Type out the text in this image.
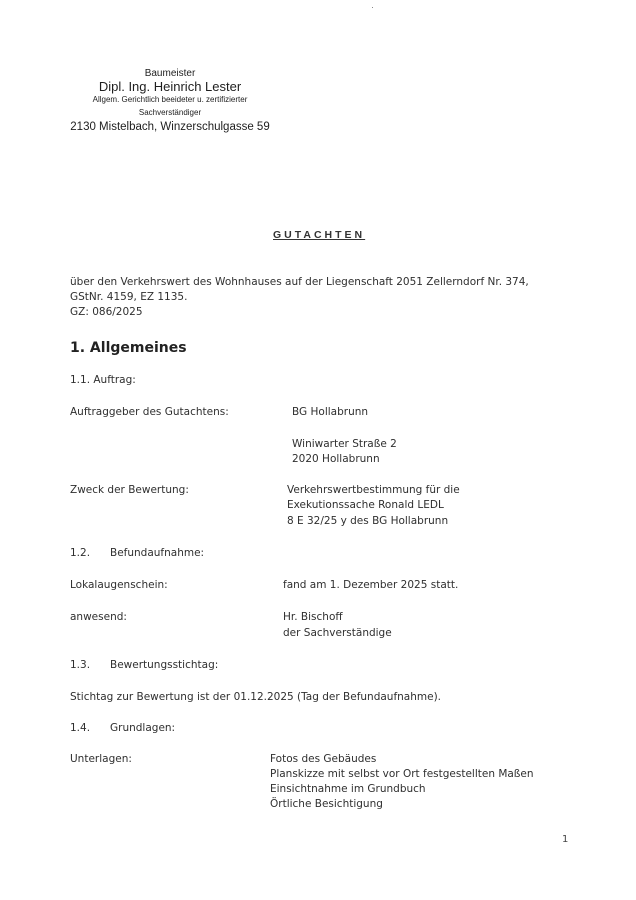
Baumeister
Dipl. Ing. Heinrich Lester
Allgem. Gerichtlich beeideter u. zertifizierter
Sachverständiger
2130 Mistelbach, Winzerschulgasse 59
GUTACHTEN
über den Verkehrswert des Wohnhauses auf der Liegenschaft 2051 Zellerndorf Nr. 374,
GStNr. 4159, EZ 1135.
GZ: 086/2025
1. Allgemeines
1.1. Auftrag:
Auftraggeber des Gutachtens:	BG Hollabrunn
Winiwarter Straße 2
2020 Hollabrunn
Zweck der Bewertung:	Verkehrswertbestimmung für die
Exekutionssache Ronald LEDL
8 E 32/25 y des BG Hollabrunn
1.2. Befundaufnahme:
Lokalaugenschein:	fand am 1. Dezember 2025 statt.
anwesend:	Hr. Bischoff
der Sachverständige
1.3. Bewertungsstichtag:
Stichtag zur Bewertung ist der 01.12.2025 (Tag der Befundaufnahme).
1.4. Grundlagen:
Unterlagen:	Fotos des Gebäudes
Planskizze mit selbst vor Ort festgestellten Maßen
Einsichtnahme im Grundbuch
Örtliche Besichtigung
1
